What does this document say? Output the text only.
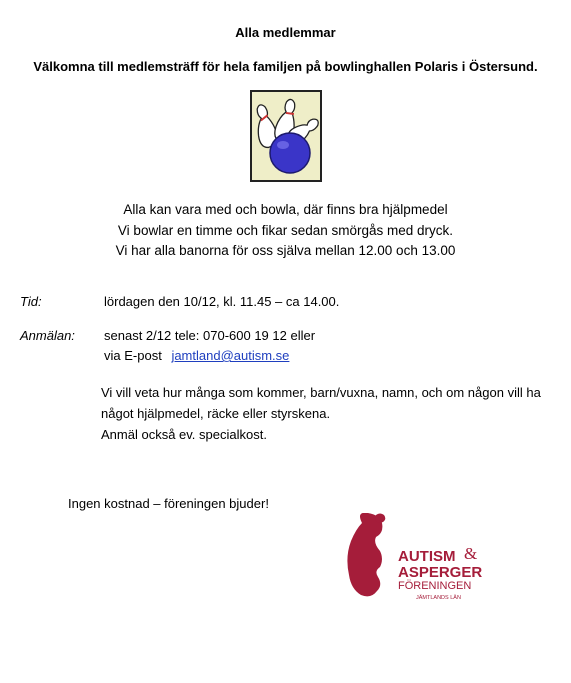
Alla medlemmar
Välkomna till medlemsträff för hela familjen på bowlinghallen Polaris i Östersund.
Alla kan vara med och bowla, där finns bra hjälpmedel
Vi bowlar en timme och fikar sedan smörgås med dryck.
Vi har alla banorna för oss själva mellan 12.00 och 13.00
Tid:	lördagen den 10/12, kl. 11.45 – ca 14.00.
Anmälan: senast 2/12 tele: 070-600 19 12 eller
via E-post jamtland@autism.se
Vi vill veta hur många som kommer, barn/vuxna, namn, och om någon vill ha
något hjälpmedel, räcke eller styrskena.
Anmäl också ev. specialkost.
Ingen kostnad – föreningen bjuder!
AUTISM &
ASPERGER
FÖRENINGEN
JÄMTLANDS LÄN
